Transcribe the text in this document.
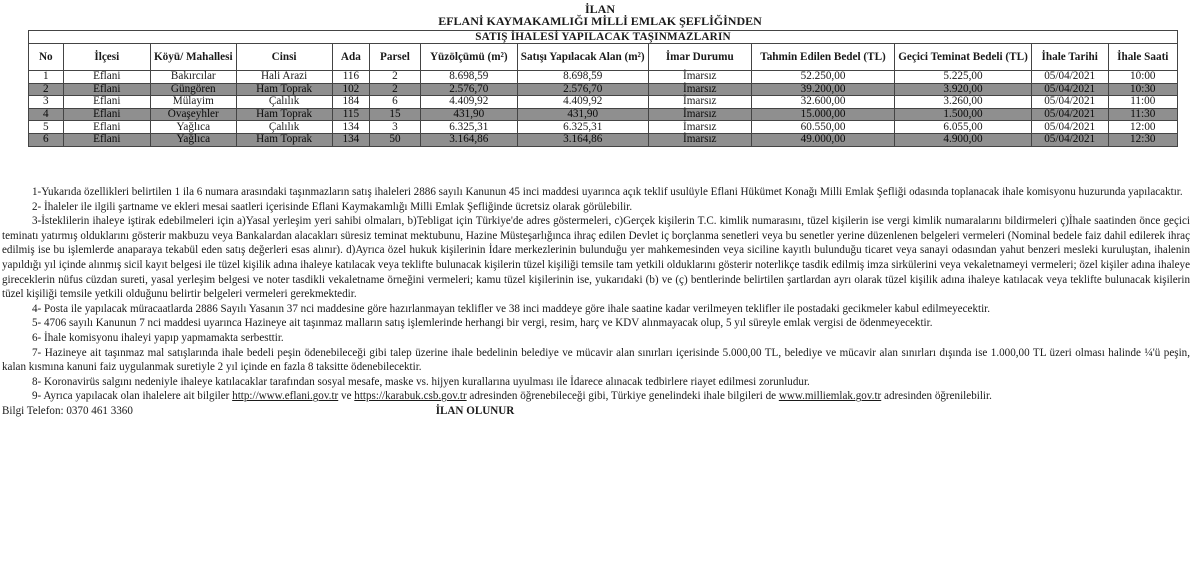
İLAN
EFLANİ KAYMAKAMLIĞI MİLLİ EMLAK ŞEFLİĞİNDEN
SATIŞ İHALESİ YAPILACAK TAŞINMAZLARIN												
No	İlçesi	Köyü/ Mahallesi	Cinsi	Ada	Parsel	Yüzölçümü (m²)	Satışı Yapılacak Alan (m²)	İmar Durumu	Tahmin Edilen Bedel (TL)	Geçici Teminat Bedeli (TL)	İhale Tarihi	İhale Saati
1	Eflani	Bakırcılar	Hali Arazi	116	2	8.698,59	8.698,59	İmarsız	52.250,00	5.225,00	05/04/2021	10:00
2	Eflani	Güngören	Ham Toprak	102	2	2.576,70	2.576,70	İmarsız	39.200,00	3.920,00	05/04/2021	10:30
3	Eflani	Mülayim	Çalılık	184	6	4.409,92	4.409,92	İmarsız	32.600,00	3.260,00	05/04/2021	11:00
4	Eflani	Ovaşeyhler	Ham Toprak	115	15	431,90	431,90	İmarsız	15.000,00	1.500,00	05/04/2021	11:30
5	Eflani	Yağlıca	Çalılık	134	3	6.325,31	6.325,31	İmarsız	60.550,00	6.055,00	05/04/2021	12:00
6	Eflani	Yağlıca	Ham Toprak	134	50	3.164,86	3.164,86	İmarsız	49.000,00	4.900,00	05/04/2021	12:30

1-Yukarıda özellikleri belirtilen 1 ila 6 numara arasındaki taşınmazların satış ihaleleri 2886 sayılı Kanunun 45 inci maddesi uyarınca açık teklif usulüyle Eflani Hükümet Konağı Milli Emlak Şefliği odasında toplanacak ihale komisyonu huzurunda yapılacaktır.

2- İhaleler ile ilgili şartname ve ekleri mesai saatleri içerisinde Eflani Kaymakamlığı Milli Emlak Şefliğinde ücretsiz olarak görülebilir.

3-İsteklilerin ihaleye iştirak edebilmeleri için a)Yasal yerleşim yeri sahibi olmaları, b)Tebligat için Türkiye'de adres göstermeleri, c)Gerçek kişilerin T.C. kimlik numarasını, tüzel kişilerin ise vergi kimlik numaralarını bildirmeleri ç)İhale saatinden önce geçici teminatı yatırmış olduklarını gösterir makbuzu veya Bankalardan alacakları süresiz teminat mektubunu, Hazine Müsteşarlığınca ihraç edilen Devlet iç borçlanma senetleri veya bu senetler yerine düzenlenen belgeleri vermeleri (Nominal bedele faiz dahil edilerek ihraç edilmiş ise bu işlemlerde anaparaya tekabül eden satış değerleri esas alınır). d)Ayrıca özel hukuk kişilerinin İdare merkezlerinin bulunduğu yer mahkemesinden veya siciline kayıtlı bulunduğu ticaret veya sanayi odasından yahut benzeri mesleki kuruluştan, ihalenin yapıldığı yıl içinde alınmış sicil kayıt belgesi ile tüzel kişilik adına ihaleye katılacak veya teklifte bulunacak kişilerin tüzel kişiliği temsile tam yetkili olduklarını gösterir noterlikçe tasdik edilmiş imza sirkülerini veya vekaletnameyi vermeleri; özel kişiler adına ihaleye gireceklerin nüfus cüzdan sureti, yasal yerleşim belgesi ve noter tasdikli vekaletname örneğini vermeleri; kamu tüzel kişilerinin ise, yukarıdaki (b) ve (ç) bentlerinde belirtilen şartlardan ayrı olarak tüzel kişilik adına ihaleye katılacak veya teklifte bulunacak kişilerin tüzel kişiliği temsile yetkili olduğunu belirtir belgeleri vermeleri gerekmektedir.

4- Posta ile yapılacak müracaatlarda 2886 Sayılı Yasanın 37 nci maddesine göre hazırlanmayan teklifler ve 38 inci maddeye göre ihale saatine kadar verilmeyen teklifler ile postadaki gecikmeler kabul edilmeyecektir.

5- 4706 sayılı Kanunun 7 nci maddesi uyarınca Hazineye ait taşınmaz malların satış işlemlerinde herhangi bir vergi, resim, harç ve KDV alınmayacak olup, 5 yıl süreyle emlak vergisi de ödenmeyecektir.

6- İhale komisyonu ihaleyi yapıp yapmamakta serbesttir.

7- Hazineye ait taşınmaz mal satışlarında ihale bedeli peşin ödenebileceği gibi talep üzerine ihale bedelinin belediye ve mücavir alan sınırları içerisinde 5.000,00 TL, belediye ve mücavir alan sınırları dışında ise 1.000,00 TL üzeri olması halinde ¼'ü peşin, kalan kısmına kanuni faiz uygulanmak suretiyle 2 yıl içinde en fazla 8 taksitte ödenebilecektir.

8- Koronavirüs salgını nedeniyle ihaleye katılacaklar tarafından sosyal mesafe, maske vs. hijyen kurallarına uyulması ile İdarece alınacak tedbirlere riayet edilmesi zorunludur.

9- Ayrıca yapılacak olan ihalelere ait bilgiler http://www.eflani.gov.tr ve https://karabuk.csb.gov.tr adresinden öğrenebileceği gibi, Türkiye genelindeki ihale bilgileri de www.milliemlak.gov.tr adresinden öğrenilebilir.

Bilgi Telefon: 0370 461 3360	İLAN OLUNUR
